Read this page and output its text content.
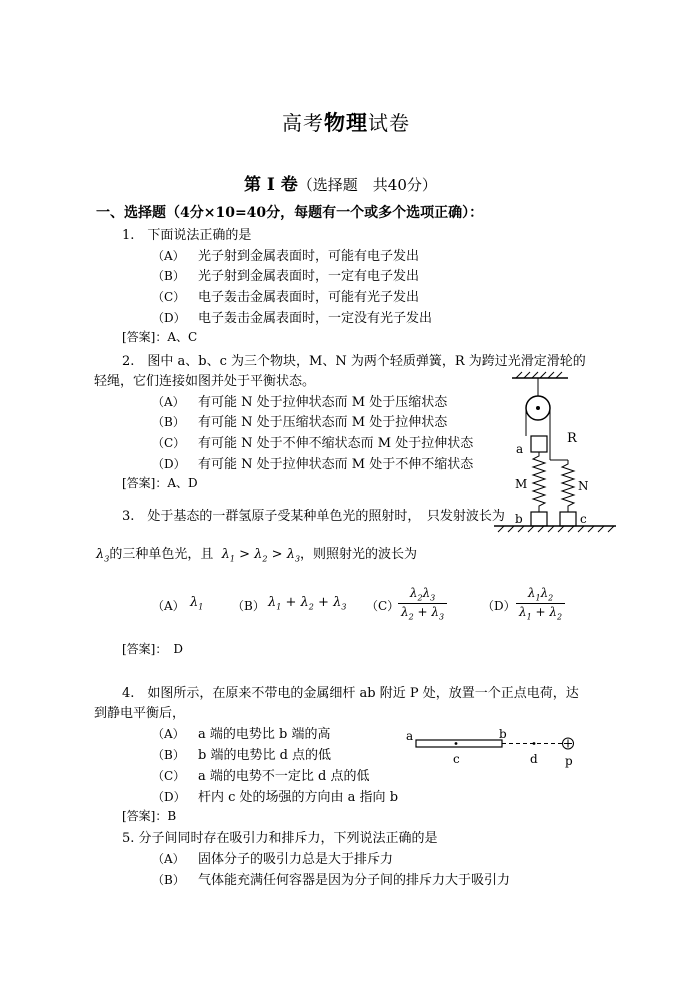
高考物理试卷
第 I 卷（选择题　共40分）
一、选择题（4分×10=40分，每题有一个或多个选项正确）：
1.　下面说法正确的是
（A） 光子射到金属表面时，可能有电子发出
（B） 光子射到金属表面时，一定有电子发出
（C） 电子轰击金属表面时，可能有光子发出
（D） 电子轰击金属表面时，一定没有光子发出
[答案]：A、C
2.　图中 a、b、c 为三个物块，M、N 为两个轻质弹簧，R 为跨过光滑定滑轮的
轻绳，它们连接如图并处于平衡状态。
（A） 有可能 N 处于拉伸状态而 M 处于压缩状态
（B） 有可能 N 处于压缩状态而 M 处于拉伸状态
（C） 有可能 N 处于不伸不缩状态而 M 处于拉伸状态
（D） 有可能 N 处于拉伸状态而 M 处于不伸不缩状态
[答案]：A、D
a
R
M	N
b	c
3.　处于基态的一群氢原子受某种单色光的照射时，　只发射波长为
$\lambda_3$的三种单色光，且 $\lambda_1 > \lambda_2 > \lambda_3$，则照射光的波长为
（A） $\lambda_1$ （B） $\lambda_1 + \lambda_2 + \lambda_3$ （C）
$\frac{\lambda_2\lambda_3}{\lambda_2 + \lambda_3}$	$(D) \frac{\lambda_1\lambda_2}{\lambda_1 + \lambda_2}$
[答案]：　D
4.　如图所示，在原来不带电的金属细杆 ab 附近 P 处，放置一个正点电荷，达
到静电平衡后，
（A） a 端的电势比 b 端的高
（B） b 端的电势比 d 点的低
（C） a 端的电势不一定比 d 点的低
（D） 杆内 c 处的场强的方向由 a 指向 b
[答案]：B
a	b
c	d p
5. 分子间同时存在吸引力和排斥力，下列说法正确的是
（A） 固体分子的吸引力总是大于排斥力
（B） 气体能充满任何容器是因为分子间的排斥力大于吸引力
